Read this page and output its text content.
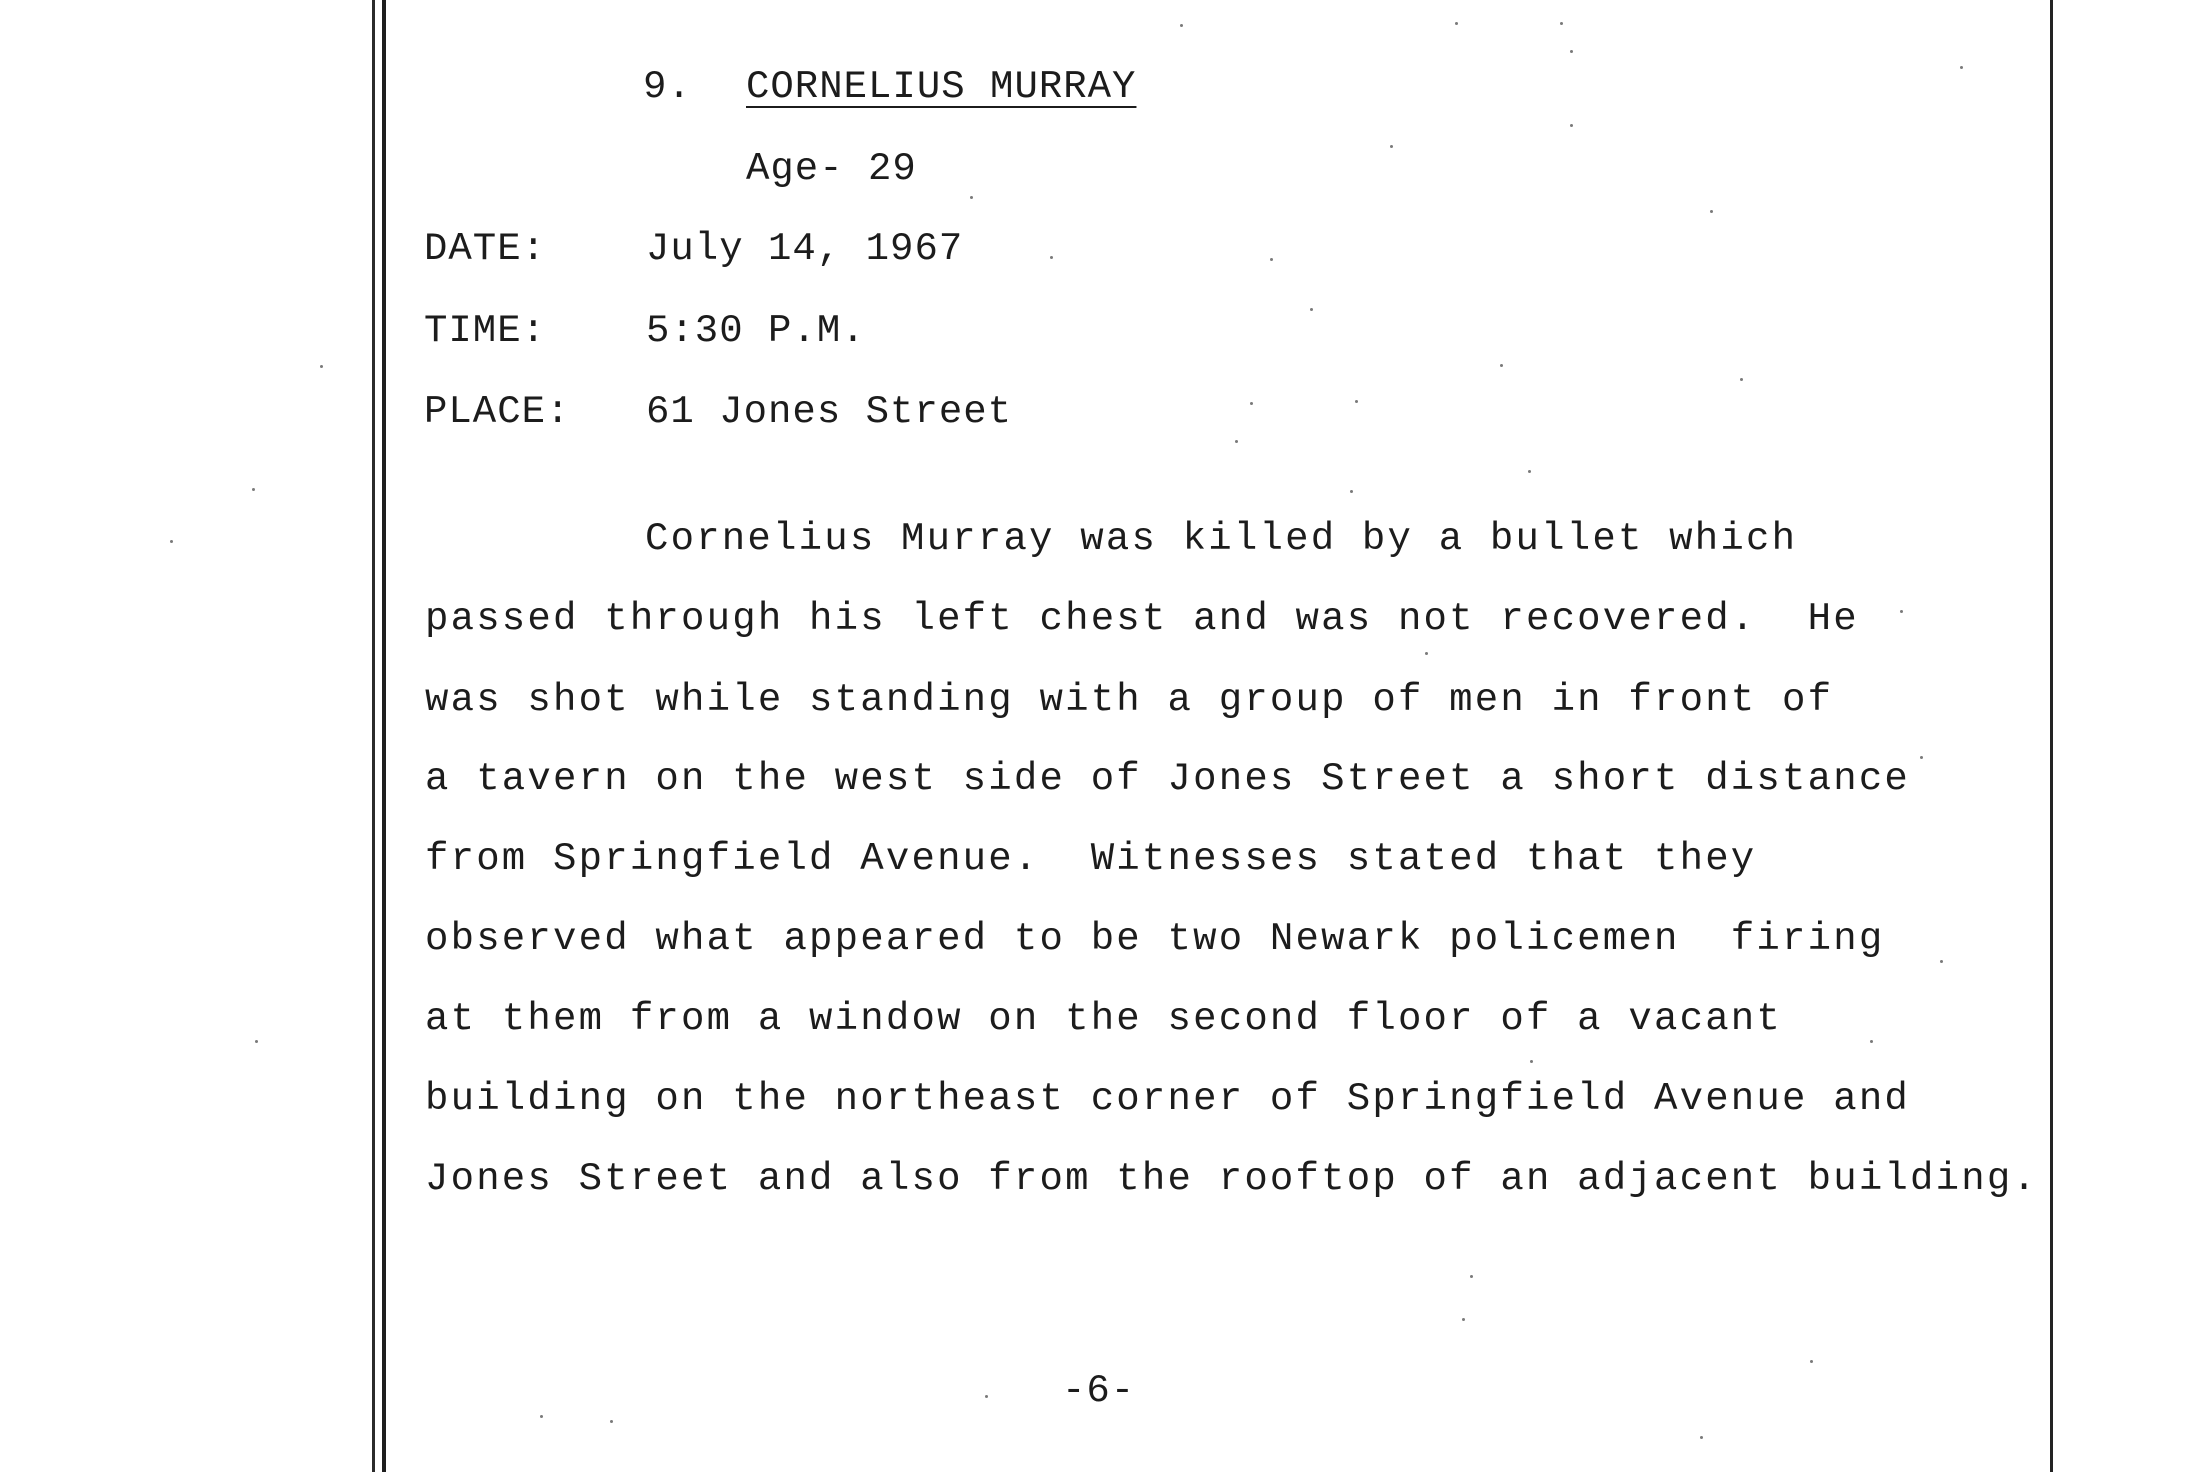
9. CORNELIUS MURRAY
Age- 29
DATE:	July 14, 1967
TIME:	5:30 P.M.
PLACE: 61 Jones Street
Cornelius Murray was killed by a bullet which
passed through his left chest and was not recovered.  He
was shot while standing with a group of men in front of
a tavern on the west side of Jones Street a short distance
from Springfield Avenue.  Witnesses stated that they
observed what appeared to be two Newark policemen  firing
at them from a window on the second floor of a vacant
building on the northeast corner of Springfield Avenue and
Jones Street and also from the rooftop of an adjacent building.
-6-
